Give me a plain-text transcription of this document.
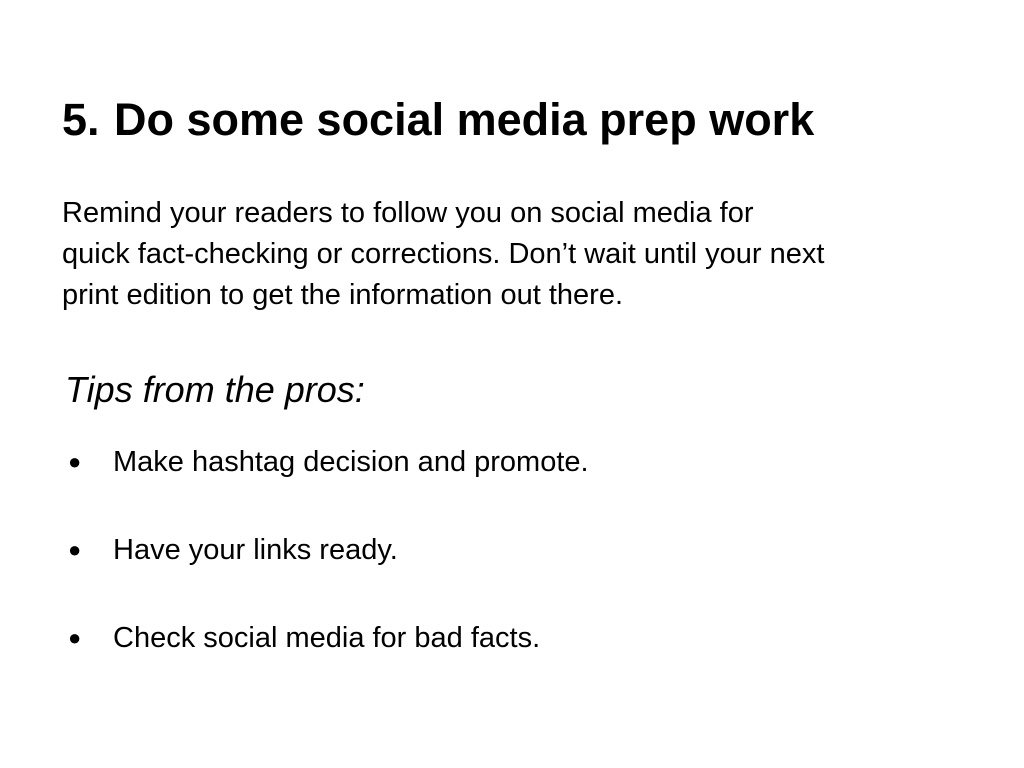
5. Do some social media prep work
Remind your readers to follow you on social media for
quick fact-checking or corrections. Don’t wait until your next
print edition to get the information out there.
Tips from the pros:
● Make hashtag decision and promote.
● Have your links ready.
● Check social media for bad facts.
